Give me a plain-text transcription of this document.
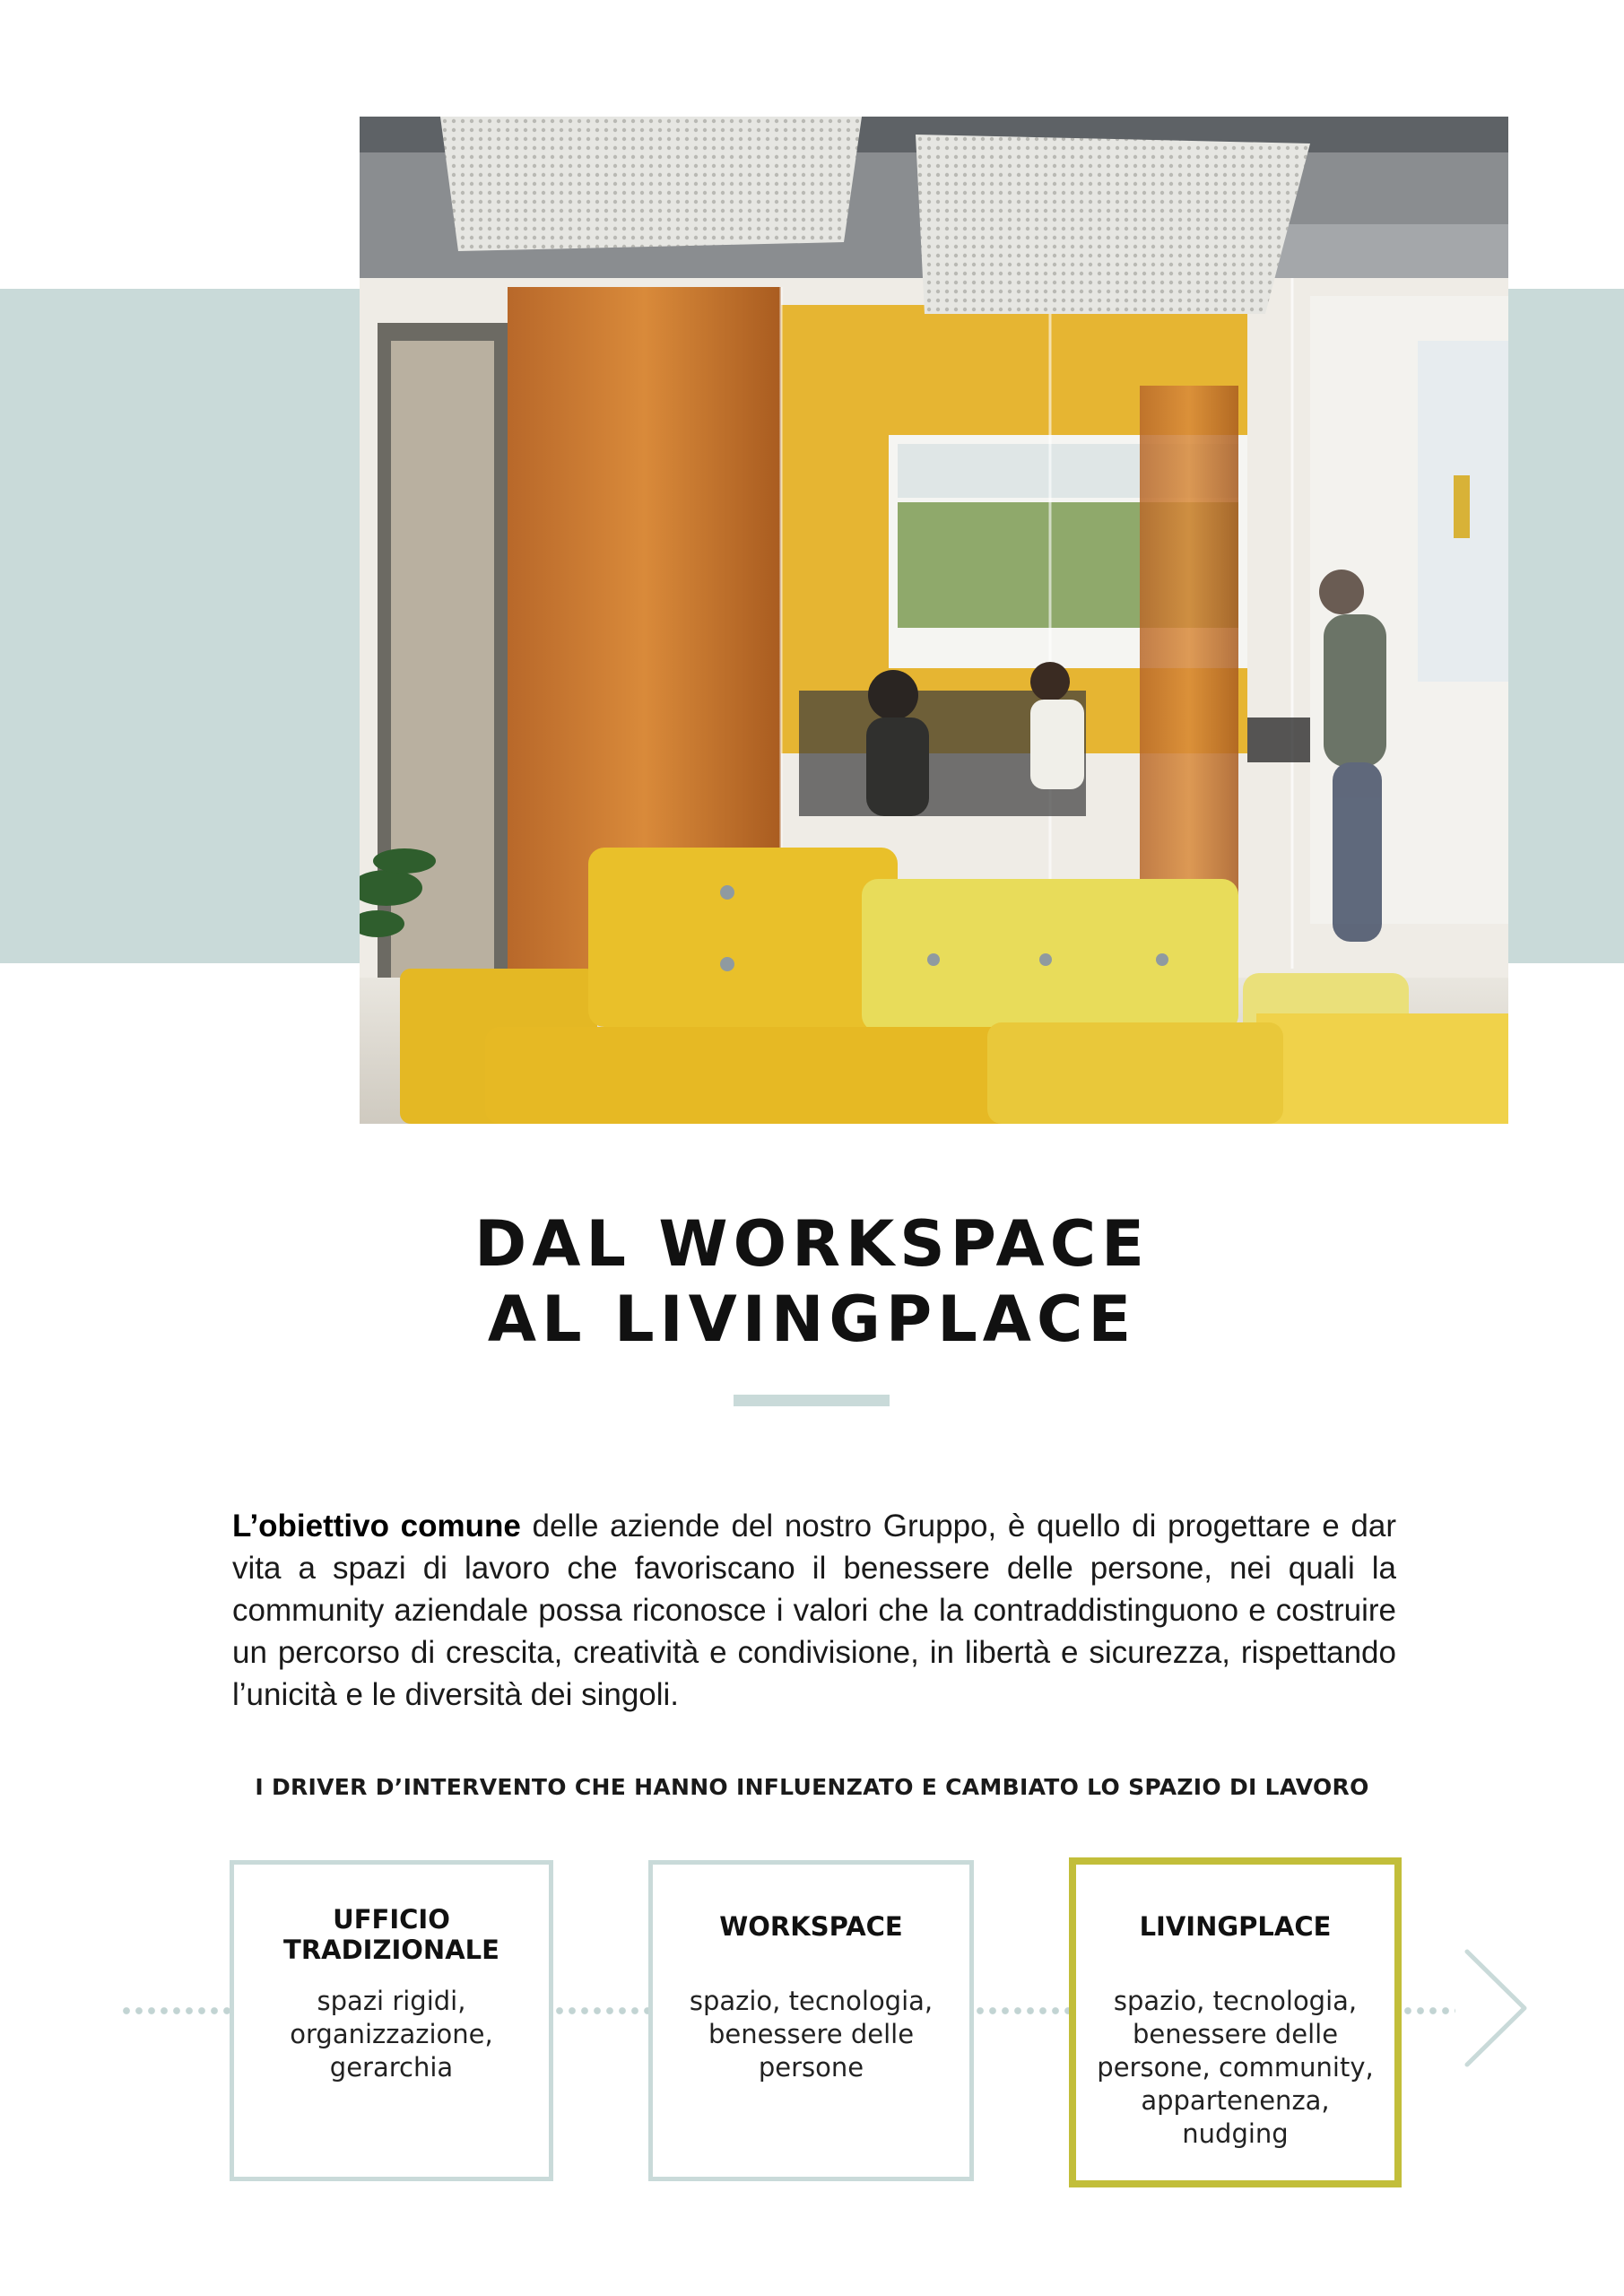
DAL WORKSPACE
AL LIVINGPLACE

L’obiettivo comune delle aziende del nostro Gruppo, è quello di progettare e dar vita a spazi di lavoro che favoriscano il benessere delle persone, nei quali la community aziendale possa riconosce i valori che la contraddistinguono e costruire un percorso di crescita, creatività e condivisione, in libertà e sicurezza, rispettando l’unicità e le diversità dei singoli.

I DRIVER D’INTERVENTO CHE HANNO INFLUENZATO E CAMBIATO LO SPAZIO DI LAVORO
UFFICIO
TRADIZIONALE
spazi rigidi,
organizzazione,
gerarchia
WORKSPACE
spazio, tecnologia,
benessere delle
persone
LIVINGPLACE
spazio, tecnologia,
benessere delle
persone, community,
appartenenza,
nudging
